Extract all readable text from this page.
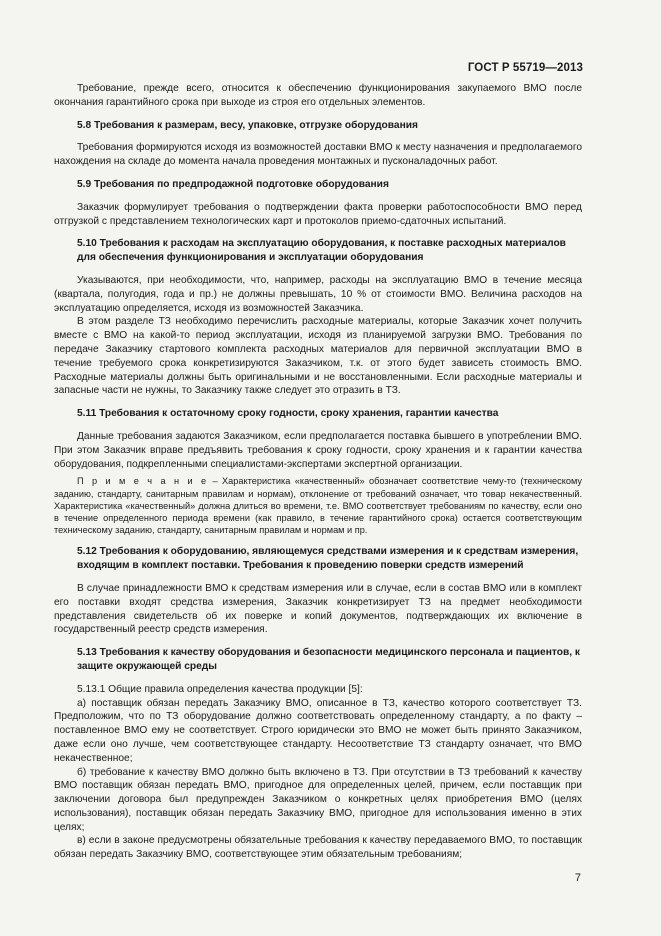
ГОСТ Р 55719—2013

Требование, прежде всего, относится к обеспечению функционирования закупаемого ВМО после окончания гарантийного срока при выходе из строя его отдельных элементов.

5.8 Требования к размерам, весу, упаковке, отгрузке оборудования

Требования формируются исходя из возможностей доставки ВМО к месту назначения и предполагаемого нахождения на складе до момента начала проведения монтажных и пусконаладочных работ.

5.9 Требования по предпродажной подготовке оборудования

Заказчик формулирует требования о подтверждении факта проверки работоспособности ВМО перед отгрузкой с представлением технологических карт и протоколов приемо-сдаточных испытаний.

5.10 Требования к расходам на эксплуатацию оборудования, к поставке расходных материалов для обеспечения функционирования и эксплуатации оборудования

Указываются, при необходимости, что, например, расходы на эксплуатацию ВМО в течение месяца (квартала, полугодия, года и пр.) не должны превышать, 10 % от стоимости ВМО. Величина расходов на эксплуатацию определяется, исходя из возможностей Заказчика.

В этом разделе ТЗ необходимо перечислить расходные материалы, которые Заказчик хочет получить вместе с ВМО на какой-то период эксплуатации, исходя из планируемой загрузки ВМО. Требования по передаче Заказчику стартового комплекта расходных материалов для первичной эксплуатации ВМО в течение требуемого срока конкретизируются Заказчиком, т.к. от этого будет зависеть стоимость ВМО. Расходные материалы должны быть оригинальными и не восстановленными. Если расходные материалы и запасные части не нужны, то Заказчику также следует это отразить в ТЗ.

5.11 Требования к остаточному сроку годности, сроку хранения, гарантии качества

Данные требования задаются Заказчиком, если предполагается поставка бывшего в употреблении ВМО. При этом Заказчик вправе предъявить требования к сроку годности, сроку хранения и к гарантии качества оборудования, подкрепленными специалистами-экспертами экспертной организации.

П р и м е ч а н и е – Характеристика «качественный» обозначает соответствие чему-то (техническому заданию, стандарту, санитарным правилам и нормам), отклонение от требований означает, что товар некачественный. Характеристика «качественный» должна длиться во времени, т.е. ВМО соответствует требованиям по качеству, если оно в течение определенного периода времени (как правило, в течение гарантийного срока) остается соответствующим техническому заданию, стандарту, санитарным правилам и нормам и пр.

5.12 Требования к оборудованию, являющемуся средствами измерения и к средствам измерения, входящим в комплект поставки. Требования к проведению поверки средств измерений

В случае принадлежности ВМО к средствам измерения или в случае, если в состав ВМО или в комплект его поставки входят средства измерения, Заказчик конкретизирует ТЗ на предмет необходимости представления свидетельств об их поверке и копий документов, подтверждающих их включение в государственный реестр средств измерения.

5.13 Требования к качеству оборудования и безопасности медицинского персонала и пациентов, к защите окружающей среды

5.13.1 Общие правила определения качества продукции [5]:

а) поставщик обязан передать Заказчику ВМО, описанное в ТЗ, качество которого соответствует ТЗ. Предположим, что по ТЗ оборудование должно соответствовать определенному стандарту, а по факту – поставленное ВМО ему не соответствует. Строго юридически это ВМО не может быть принято Заказчиком, даже если оно лучше, чем соответствующее стандарту. Несоответствие ТЗ стандарту означает, что ВМО некачественное;

б) требование к качеству ВМО должно быть включено в ТЗ. При отсутствии в ТЗ требований к качеству ВМО поставщик обязан передать ВМО, пригодное для определенных целей, причем, если поставщик при заключении договора был предупрежден Заказчиком о конкретных целях приобретения ВМО (целях использования), поставщик обязан передать Заказчику ВМО, пригодное для использования именно в этих целях;

в) если в законе предусмотрены обязательные требования к качеству передаваемого ВМО, то поставщик обязан передать Заказчику ВМО, соответствующее этим обязательным требованиям;

7
